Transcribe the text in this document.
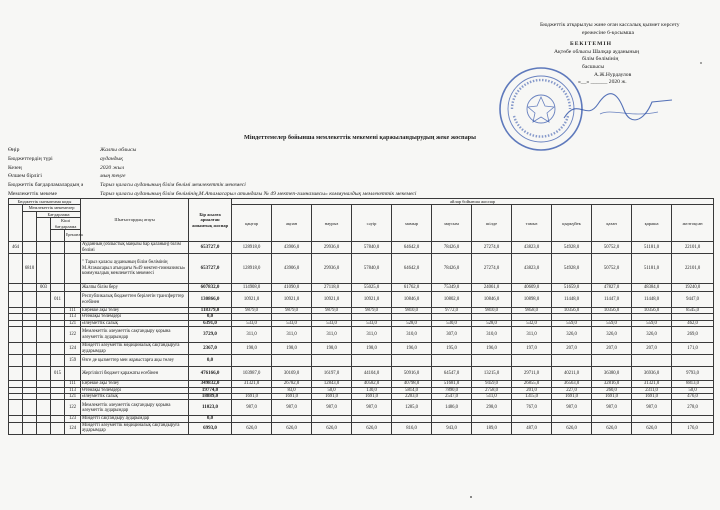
Бюджеттік атқарылуы және оған кассалық қызмет көрсету
ережесіне 6-қосымша
БЕКІТЕМІН
Ақтөбе облысы Шалқар ауданының
білім бөлімінің
басшысы
А.Ж.Нурдаулов
«__» ______ 2020 ж.
Міндеттемелер бойынша мемлекеттік мекемені қаржыландырудың жеке жоспары
Өңір	Жалпы облысы
Бюджеттердің түрі	аудандық
Кезең	2020 жыл
Өлшем бірлігі	мың теңге
Бюджеттік бағдарламалардың ә	Тарыз қаласы ауданының білім бөлімі мемлекеттік мекемесі
Мемлекеттік мекеме	Тарыз қаласы ауданының білім бөлімінің,М.Атамасарыл атындағы № 49 мектеп-гимназиясы» коммуналдық мемлекеттік мекемесі
Бюджеттік сыныптама коды					Шығыстардың атауы	Бір жылға арналған жиынтық жоспар	айлар бойынша жоспар											
	Мемлекеттік мекемелер						қаңтар	ақпан	наурыз	сәуір	мамыр	маусым	шілде	тамыз	қыркүйек	қазан	қараша	желтоқсан
		Бағдарлама																
			Кіші бағдарлама															
				Ерекшелік														
464					Ауданның (облыстық маңызы бар қаланың) білім бөлімі	653727,0	128918,0	43906,0	29936,0	57840,0	64642,0	78426,0	27274,0	43823,0	54928,0	50752,0	51181,0	22101,0
	6810				" Тарыз қаласы ауданының білім бөлімінің М.Атамасарыл атындағы №49 мектеп-гимназиясы» коммуналдық мемлекеттік мекемесі	653727,0	128918,0	43906,0	29936,0	57840,0	64642,0	78426,0	27274,0	43823,0	54928,0	50752,0	51181,0	22101,0
		003			Жалпы білім беру	607832,0	114908,0	41090,0	27118,0	55025,0	61762,0	75349,0	24061,0	40609,0	51659,0	47827,0	48384,0	19240,0
			011		Республикалық бюджеттен берілетін трансферттер есебінен	130866,0	10921,0	10921,0	10921,0	10921,0	10846,0	10802,0	10846,0	10898,0	11448,0	11447,0	11448,0	9447,0
				111	Еңбекке ақы төлеу	118379,0	9879,0	9879,0	9879,0	9879,0	9810,0	9772,0	9810,0	9858,0	10356,0	10356,0	10356,0	8545,0
				113	Өтемақы төлемдері	0,0												
				121	Әлеуметтік салық	6391,0	533,0	533,0	533,0	533,0	528,0	530,0	528,0	532,0	559,0	559,0	559,0	462,0
				122	Мемлекеттік әлеуметтік сақтандыру қорына әлеуметтік аударымдар	3729,0	311,0	311,0	311,0	311,0	310,0	307,0	310,0	311,0	326,0	326,0	326,0	269,0
				124	Міндетті әлеуметтік медициналық сақтандыруға аударымдар	2367,0	198,0	198,0	198,0	198,0	196,0	195,0	196,0	197,0	207,0	207,0	207,0	171,0
				159	Өзге де қызметтер мен жұмыстарға ақы төлеу	0,0												
			015		Жергілікті бюджет қаражаты есебінен	476166,0	103987,0	30169,0	16197,0	44104,0	50916,0	64547,0	13215,0	29711,0	40211,0	36380,0	36936,0	9793,0
				111	Еңбекке ақы төлеу	349832,0	31321,0	26782,0	12843,0	40582,0	40798,0	51681,0	9459,0	26855,0	36563,0	32816,0	31321,0	8813,0
				113	Өтемақы төлемдері	19774,0		83,0	50,0	130,0	5814,0	7890,0	2758,0	201,0	227,0	260,0	2311,0	50,0
				121	Әлеуметтік салық	18889,0	1691,0	1691,0	1691,0	1691,0	2203,0	2547,0	511,0	1315,0	1691,0	1691,0	1691,0	476,0
				122	Мемлекеттік әлеуметтік сақтандыру қорына әлеуметтік аударымдар	11023,0	987,0	987,0	987,0	987,0	1285,0	1486,0	298,0	767,0	987,0	987,0	987,0	278,0
				123	Міндетті сақтандыру аударымдар	0,0												
				124	Міндетті әлеуметтік медициналық сақтандыруға аударымдар	6993,0	626,0	626,0	626,0	626,0	816,0	943,0	189,0	487,0	626,0	626,0	626,0	176,0
